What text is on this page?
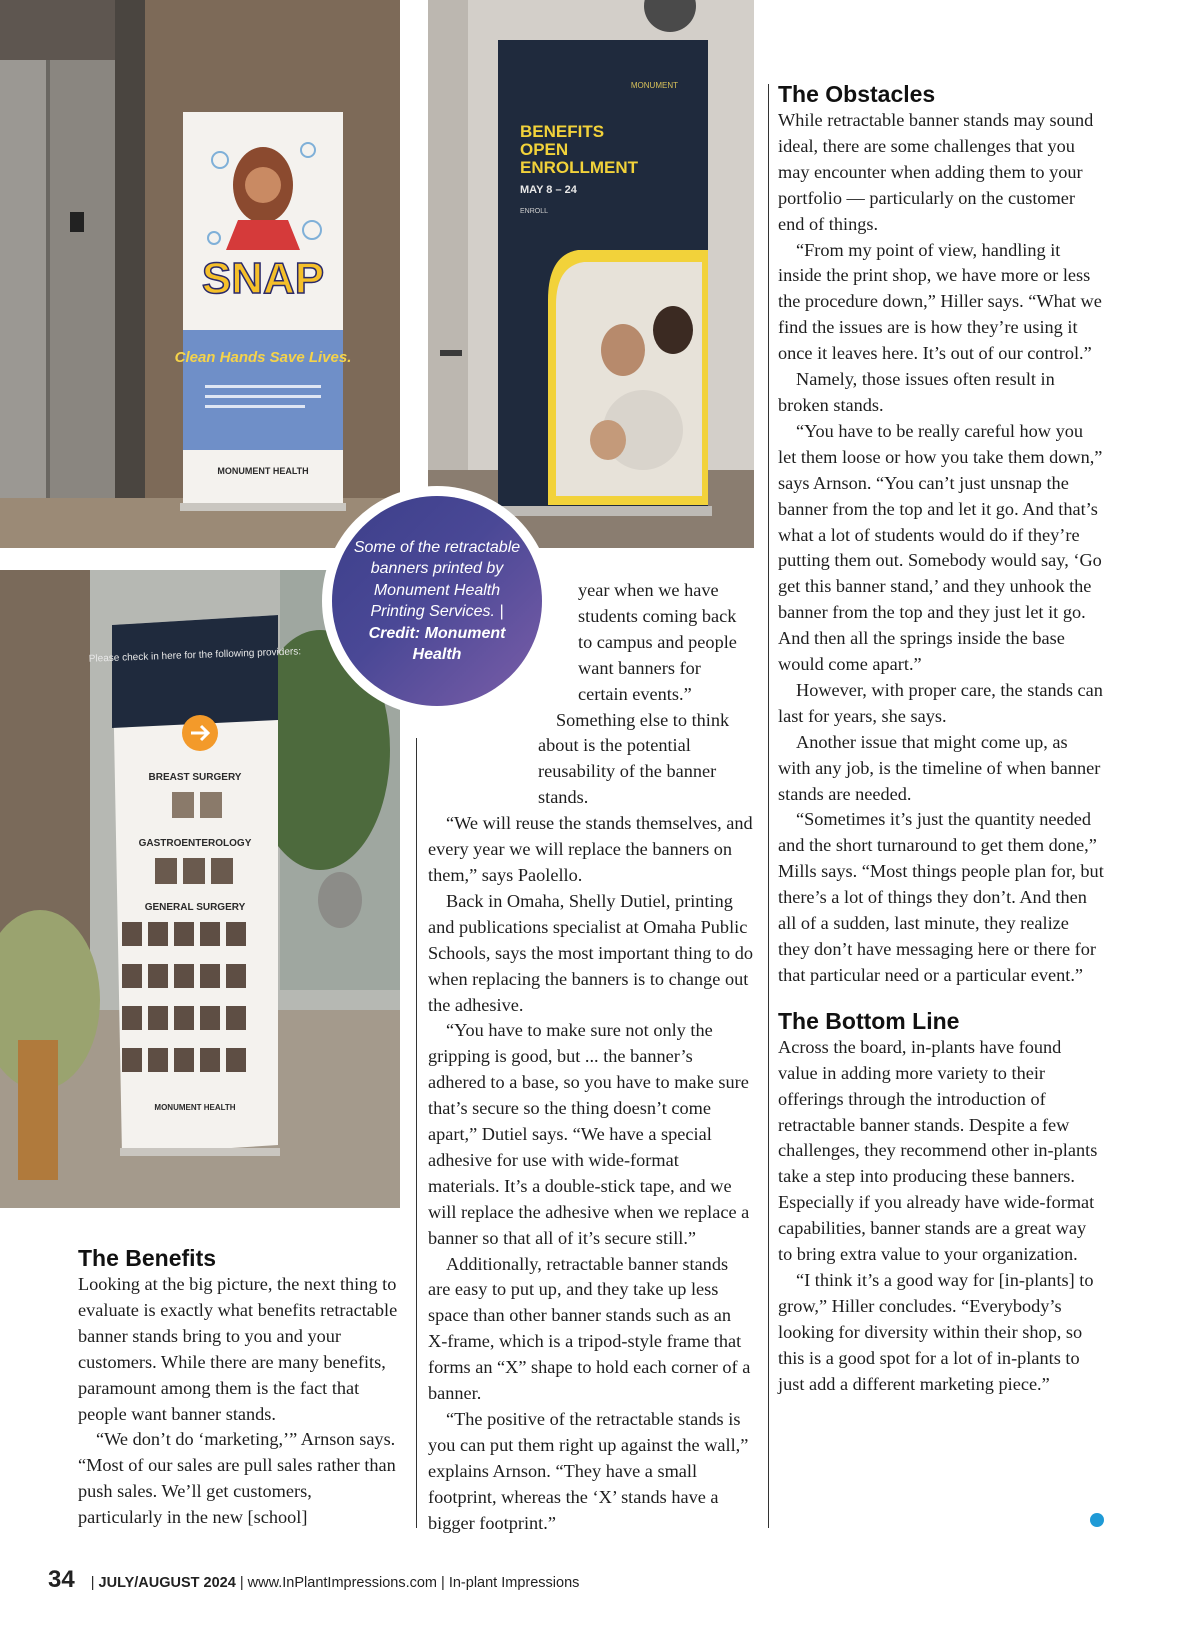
SNAP
Clean Hands Save Lives.
MONUMENT HEALTH
MONUMENT
BENEFITS
OPEN
ENROLLMENT
MAY 8 – 24
ENROLL
Please check in here for the following providers:
BREAST SURGERY
GASTROENTEROLOGY
GENERAL SURGERY
MONUMENT HEALTH
Some of the retractable banners printed by Monument Health Printing Services. | Credit: Monument Health
The Benefits

Looking at the big picture, the next thing to evaluate is exactly what benefits retractable banner stands bring to you and your customers. While there are many benefits, paramount among them is the fact that people want banner stands.

“We don’t do ‘marketing,’” Arnson says. “Most of our sales are pull sales rather than push sales. We’ll get customers, particularly in the new [school]

year when we have students coming back to campus and people want banners for certain events.”

Something else to think about is the potential reusability of the banner stands.

“We will reuse the stands themselves, and every year we will replace the banners on them,” says Paolello.

Back in Omaha, Shelly Dutiel, printing and publications specialist at Omaha Public Schools, says the most important thing to do when replacing the banners is to change out the adhesive.

“You have to make sure not only the gripping is good, but ... the banner’s adhered to a base, so you have to make sure that’s secure so the thing doesn’t come apart,” Dutiel says. “We have a special adhesive for use with wide-format materials. It’s a double-stick tape, and we will replace the adhesive when we replace a banner so that all of it’s secure still.”

Additionally, retractable banner stands are easy to put up, and they take up less space than other banner stands such as an X-frame, which is a tripod-style frame that forms an “X” shape to hold each corner of a banner.

“The positive of the retractable stands is you can put them right up against the wall,” explains Arnson. “They have a small footprint, whereas the ‘X’ stands have a bigger footprint.”

The Obstacles

While retractable banner stands may sound ideal, there are some challenges that you may encounter when adding them to your portfolio — particularly on the customer end of things.

“From my point of view, handling it inside the print shop, we have more or less the procedure down,” Hiller says. “What we find the issues are is how they’re using it once it leaves here. It’s out of our control.”

Namely, those issues often result in broken stands.

“You have to be really careful how you let them loose or how you take them down,” says Arnson. “You can’t just unsnap the banner from the top and let it go. And that’s what a lot of students would do if they’re putting them out. Somebody would say, ‘Go get this banner stand,’ and they unhook the banner from the top and they just let it go. And then all the springs inside the base would come apart.”

However, with proper care, the stands can last for years, she says.

Another issue that might come up, as with any job, is the timeline of when banner stands are needed.

“Sometimes it’s just the quantity needed and the short turnaround to get them done,” Mills says. “Most things people plan for, but there’s a lot of things they don’t. And then all of a sudden, last minute, they realize they don’t have messaging here or there for that particular need or a particular event.”

The Bottom Line

Across the board, in-plants have found value in adding more variety to their offerings through the introduction of retractable banner stands. Despite a few challenges, they recommend other in-plants take a step into producing these banners. Especially if you already have wide-format capabilities, banner stands are a great way to bring extra value to your organization.

“I think it’s a good way for [in-plants] to grow,” Hiller concludes. “Everybody’s looking for diversity within their shop, so this is a good spot for a lot of in-plants to just add a different marketing piece.”

34 | JULY/AUGUST 2024 | www.InPlantImpressions.com | In-plant Impressions
